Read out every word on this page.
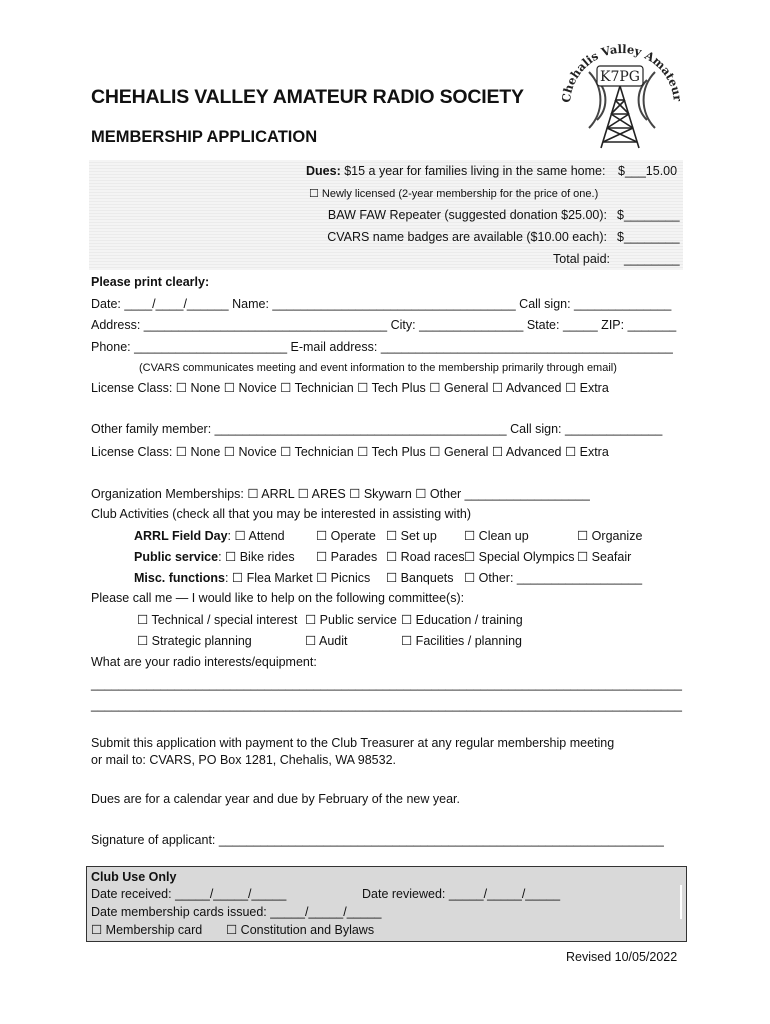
Chehalis Valley Amateur
K7PG
CHEHALIS VALLEY AMATEUR RADIO SOCIETY
MEMBERSHIP APPLICATION
Dues: $15 a year for families living in the same home: $___15.00
☐ Newly licensed (2-year membership for the price of one.)
BAW FAW Repeater (suggested donation $25.00): $________
CVARS name badges are available ($10.00 each): $________
Total paid: ________
Please print clearly:
Date: ____/____/______ Name: ___________________________________ Call sign: ______________
Address: ___________________________________ City: _______________ State: _____ ZIP: _______
Phone: ______________________ E-mail address: __________________________________________
(CVARS communicates meeting and event information to the membership primarily through email)
License Class: ☐ None ☐ Novice ☐ Technician ☐ Tech Plus ☐ General ☐ Advanced ☐ Extra
Other family member: __________________________________________ Call sign: ______________
License Class: ☐ None ☐ Novice ☐ Technician ☐ Tech Plus ☐ General ☐ Advanced ☐ Extra
Organization Memberships: ☐ ARRL ☐ ARES ☐ Skywarn ☐ Other __________________
Club Activities (check all that you may be interested in assisting with)
ARRL Field Day: ☐ Attend	☐ Operate ☐ Set up ☐ Clean up	☐ Organize
Public service: ☐ Bike rides ☐ Parades ☐ Road races ☐ Special Olympics ☐ Seafair
Misc. functions: ☐ Flea Market ☐ Picnics ☐ Banquets ☐ Other: __________________
Please call me — I would like to help on the following committee(s):
☐ Technical / special interest ☐ Public service ☐ Education / training
☐ Strategic planning	☐ Audit	☐ Facilities / planning
What are your radio interests/equipment:
_____________________________________________________________________________________
_____________________________________________________________________________________
Submit this application with payment to the Club Treasurer at any regular membership meeting
or mail to: CVARS, PO Box 1281, Chehalis, WA 98532.
Dues are for a calendar year and due by February of the new year.
Signature of applicant: ________________________________________________________________
Club Use Only
Date received: _____/_____/_____	Date reviewed: _____/_____/_____
Date membership cards issued: _____/_____/_____
☐ Membership card ☐ Constitution and Bylaws
Revised 10/05/2022
